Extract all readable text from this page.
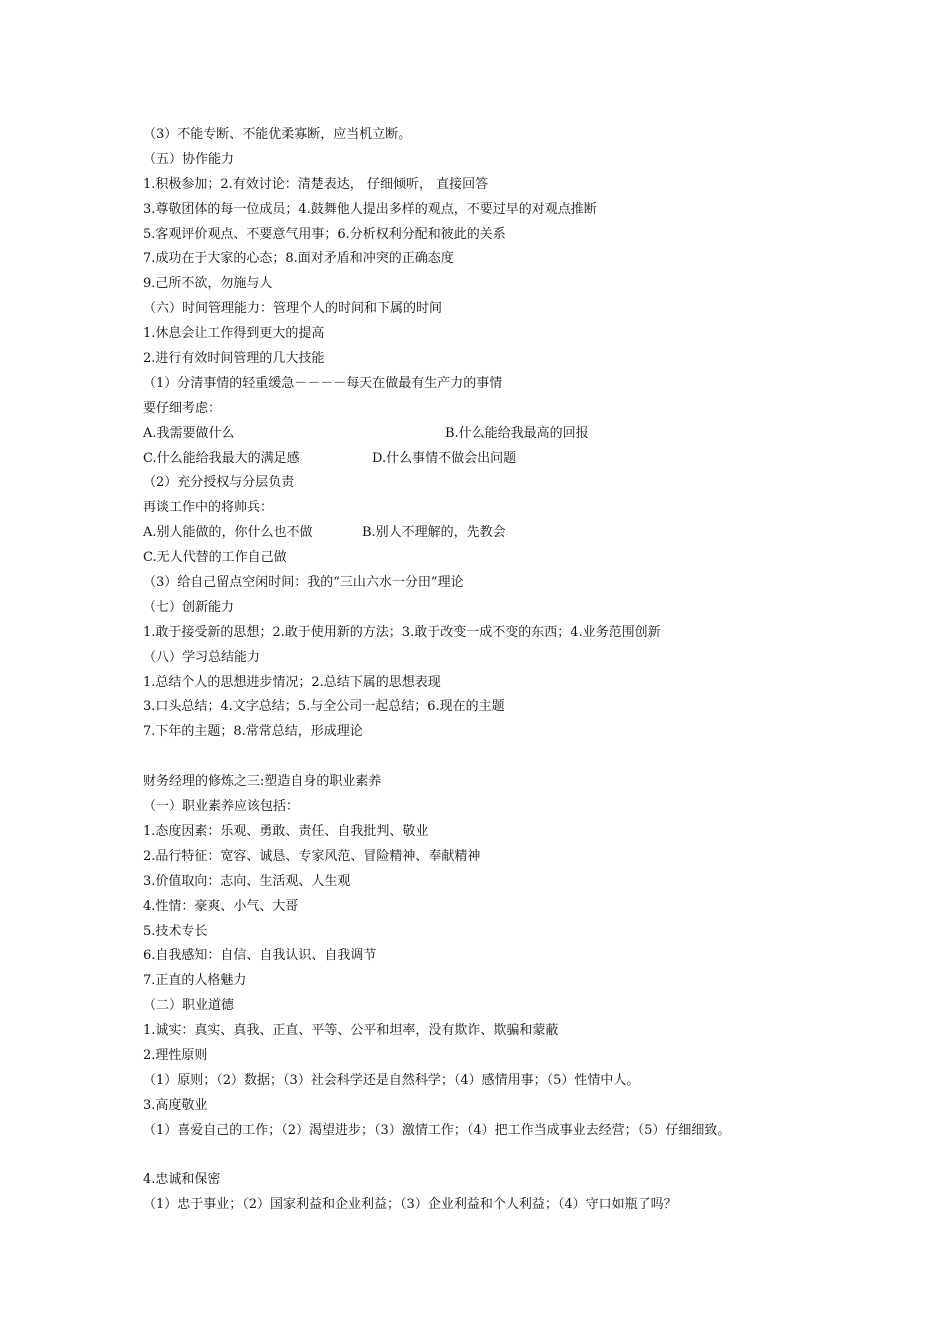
（3）不能专断、不能优柔寡断，应当机立断。
（五）协作能力
1.积极参加；2.有效讨论：清楚表达， 仔细倾听， 直接回答
3.尊敬团体的每一位成员；4.鼓舞他人提出多样的观点，不要过早的对观点推断
5.客观评价观点、不要意气用事；6.分析权利分配和彼此的关系
7.成功在于大家的心态；8.面对矛盾和冲突的正确态度
9.己所不欲，勿施与人
（六）时间管理能力：管理个人的时间和下属的时间
1.休息会让工作得到更大的提高
2.进行有效时间管理的几大技能
（1）分清事情的轻重缓急－－－－每天在做最有生产力的事情
要仔细考虑：
A.我需要做什么	B.什么能给我最高的回报
C.什么能给我最大的满足感	D.什么事情不做会出问题
（2）充分授权与分层负责
再谈工作中的将帅兵：
A.别人能做的，你什么也不做	B.别人不理解的，先教会
C.无人代替的工作自己做
（3）给自己留点空闲时间：我的“三山六水一分田”理论
（七）创新能力
1.敢于接受新的思想；2.敢于使用新的方法；3.敢于改变一成不变的东西；4.业务范围创新
（八）学习总结能力
1.总结个人的思想进步情况；2.总结下属的思想表现
3.口头总结；4.文字总结；5.与全公司一起总结；6.现在的主题
7.下年的主题；8.常常总结，形成理论
财务经理的修炼之三:塑造自身的职业素养
（一）职业素养应该包括：
1.态度因素：乐观、勇敢、责任、自我批判、敬业
2.品行特征：宽容、诚恳、专家风范、冒险精神、奉献精神
3.价值取向：志向、生活观、人生观
4.性情：豪爽、小气、大哥
5.技术专长
6.自我感知：自信、自我认识、自我调节
7.正直的人格魅力
（二）职业道德
1.诚实：真实、真我、正直、平等、公平和坦率，没有欺诈、欺骗和蒙蔽
2.理性原则
（1）原则；（2）数据；（3）社会科学还是自然科学；（4）感情用事；（5）性情中人。
3.高度敬业
（1）喜爱自己的工作；（2）渴望进步；（3）激情工作；（4）把工作当成事业去经营；（5）仔细细致。
4.忠诚和保密
（1）忠于事业；（2）国家利益和企业利益；（3）企业利益和个人利益；（4）守口如瓶了吗？
